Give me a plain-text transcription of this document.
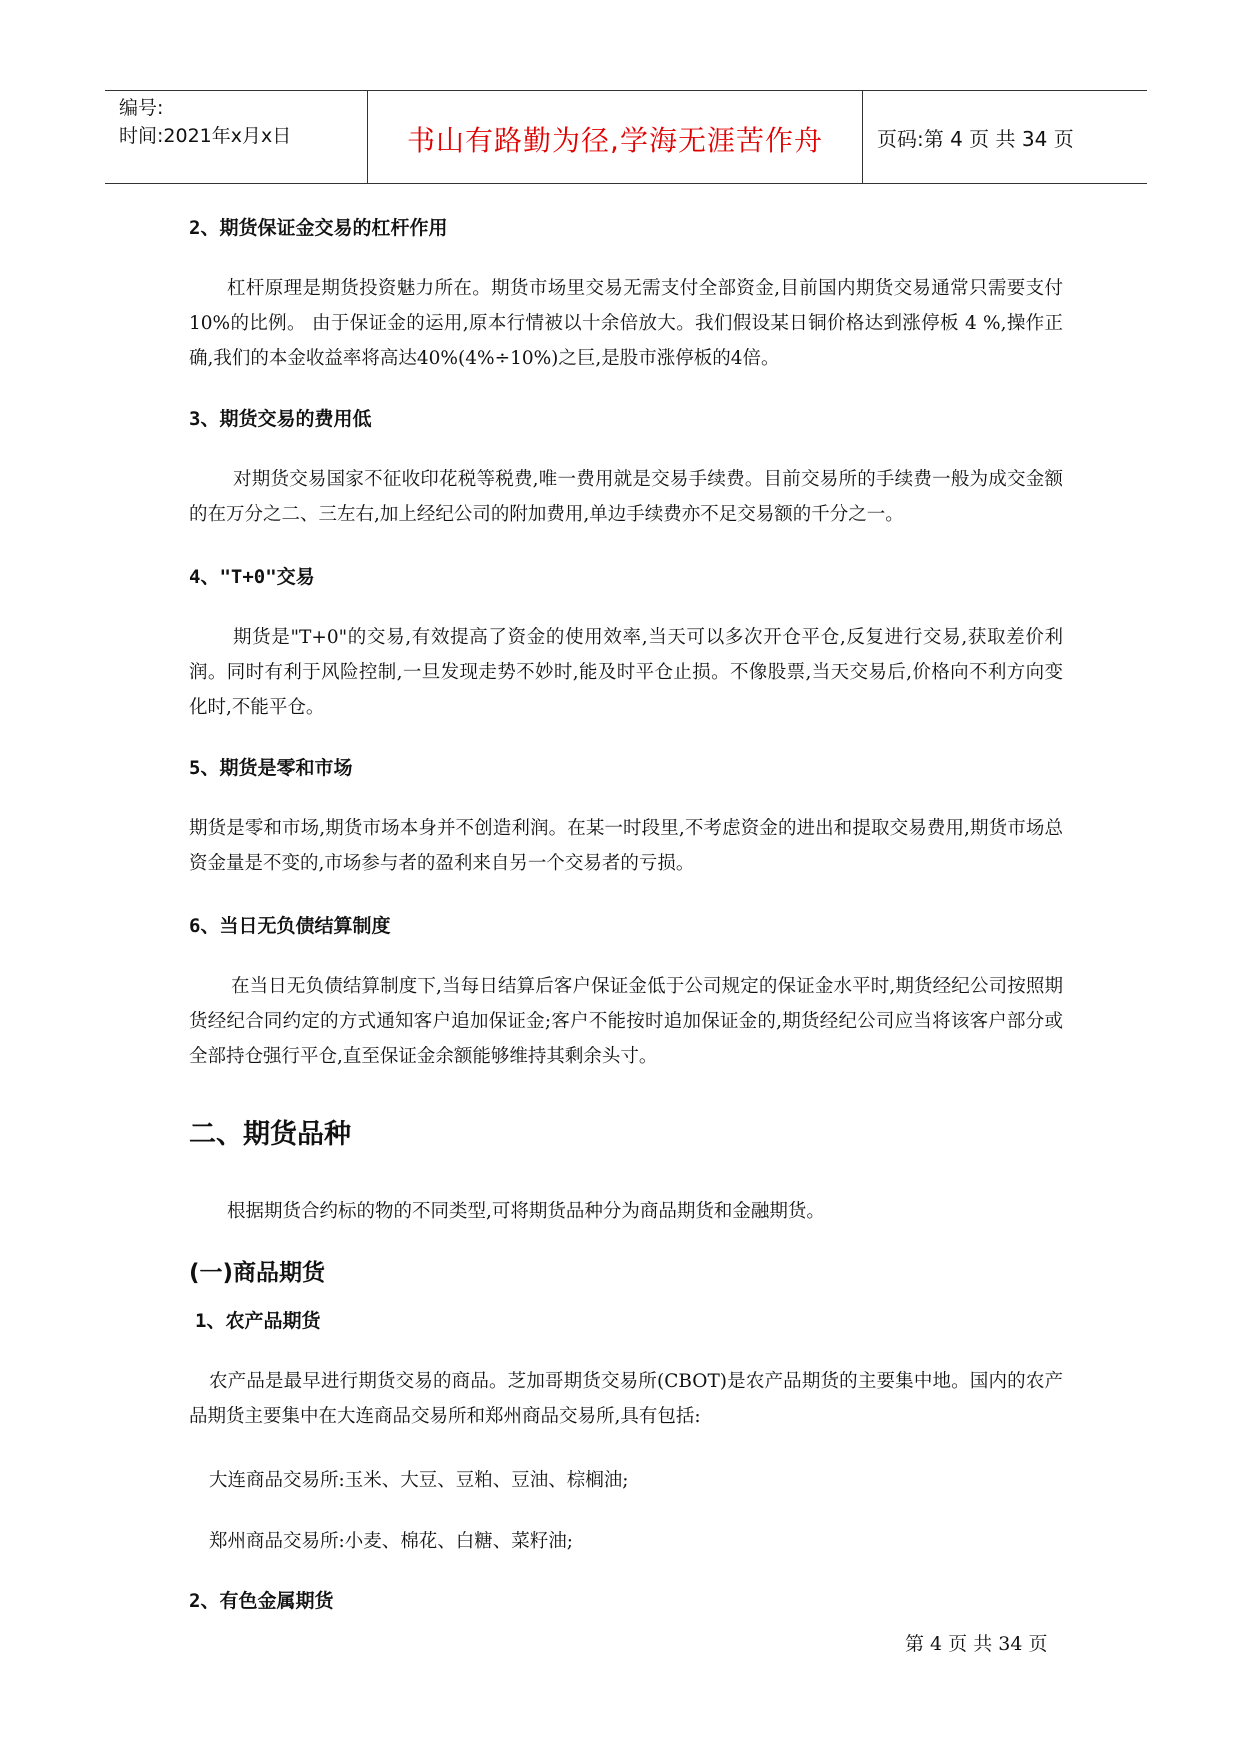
编号:
时间:2021年x月x日	书山有路勤为径,学海无涯苦作舟	页码:第 4 页 共 34 页
2、期货保证金交易的杠杆作用
杠杆原理是期货投资魅力所在。期货市场里交易无需支付全部资金,目前国内期货交易通常只需要支付10%的比例。 由于保证金的运用,原本行情被以十余倍放大。我们假设某日铜价格达到涨停板 4 %,操作正确,我们的本金收益率将高达40%(4%÷10%)之巨,是股市涨停板的4倍。
3、期货交易的费用低
对期货交易国家不征收印花税等税费,唯一费用就是交易手续费。目前交易所的手续费一般为成交金额的在万分之二、三左右,加上经纪公司的附加费用,单边手续费亦不足交易额的千分之一。
4、"T+0"交易
期货是"T+0"的交易,有效提高了资金的使用效率,当天可以多次开仓平仓,反复进行交易,获取差价利润。同时有利于风险控制,一旦发现走势不妙时,能及时平仓止损。不像股票,当天交易后,价格向不利方向变化时,不能平仓。
5、期货是零和市场
期货是零和市场,期货市场本身并不创造利润。在某一时段里,不考虑资金的进出和提取交易费用,期货市场总资金量是不变的,市场参与者的盈利来自另一个交易者的亏损。
6、当日无负债结算制度
在当日无负债结算制度下,当每日结算后客户保证金低于公司规定的保证金水平时,期货经纪公司按照期货经纪合同约定的方式通知客户追加保证金;客户不能按时追加保证金的,期货经纪公司应当将该客户部分或全部持仓强行平仓,直至保证金余额能够维持其剩余头寸。
二、期货品种
根据期货合约标的物的不同类型,可将期货品种分为商品期货和金融期货。
(一)商品期货
1、农产品期货
农产品是最早进行期货交易的商品。芝加哥期货交易所(CBOT)是农产品期货的主要集中地。国内的农产品期货主要集中在大连商品交易所和郑州商品交易所,具有包括:
大连商品交易所:玉米、大豆、豆粕、豆油、棕榈油;
郑州商品交易所:小麦、棉花、白糖、菜籽油;
2、有色金属期货
第 4 页 共 34 页
